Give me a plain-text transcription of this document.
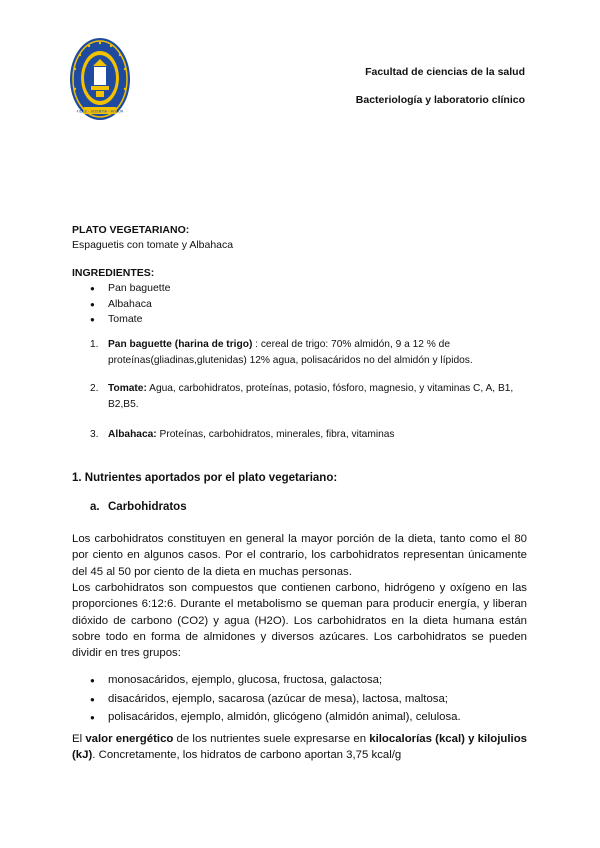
FIDES · SCIENTIA · ROBUR
Facultad de ciencias de la salud
Bacteriología y laboratorio clínico
PLATO VEGETARIANO:
Espaguetis con tomate y Albahaca
INGREDIENTES:
● Pan baguette
● Albahaca
● Tomate
1. Pan baguette (harina de trigo) : cereal de trigo: 70% almidón, 9 a 12 % de proteínas(gliadinas,glutenidas) 12% agua, polisacáridos no del almidón y lípidos.
2. Tomate: Agua, carbohidratos, proteínas, potasio, fósforo, magnesio, y vitaminas C, A, B1, B2,B5.
3. Albahaca: Proteínas, carbohidratos, minerales, fibra, vitaminas
1. Nutrientes aportados por el plato vegetariano:
a. Carbohidratos
Los carbohidratos constituyen en general la mayor porción de la dieta, tanto como el 80 por ciento en algunos casos. Por el contrario, los carbohidratos representan únicamente del 45 al 50 por ciento de la dieta en muchas personas.
Los carbohidratos son compuestos que contienen carbono, hidrógeno y oxígeno en las proporciones 6:12:6. Durante el metabolismo se queman para producir energía, y liberan dióxido de carbono (CO2) y agua (H2O). Los carbohidratos en la dieta humana están sobre todo en forma de almidones y diversos azúcares. Los carbohidratos se pueden dividir en tres grupos:
● monosacáridos, ejemplo, glucosa, fructosa, galactosa;
● disacáridos, ejemplo, sacarosa (azúcar de mesa), lactosa, maltosa;
● polisacáridos, ejemplo, almidón, glicógeno (almidón animal), celulosa.
El valor energético de los nutrientes suele expresarse en kilocalorías (kcal) y kilojulios (kJ). Concretamente, los hidratos de carbono aportan 3,75 kcal/g
